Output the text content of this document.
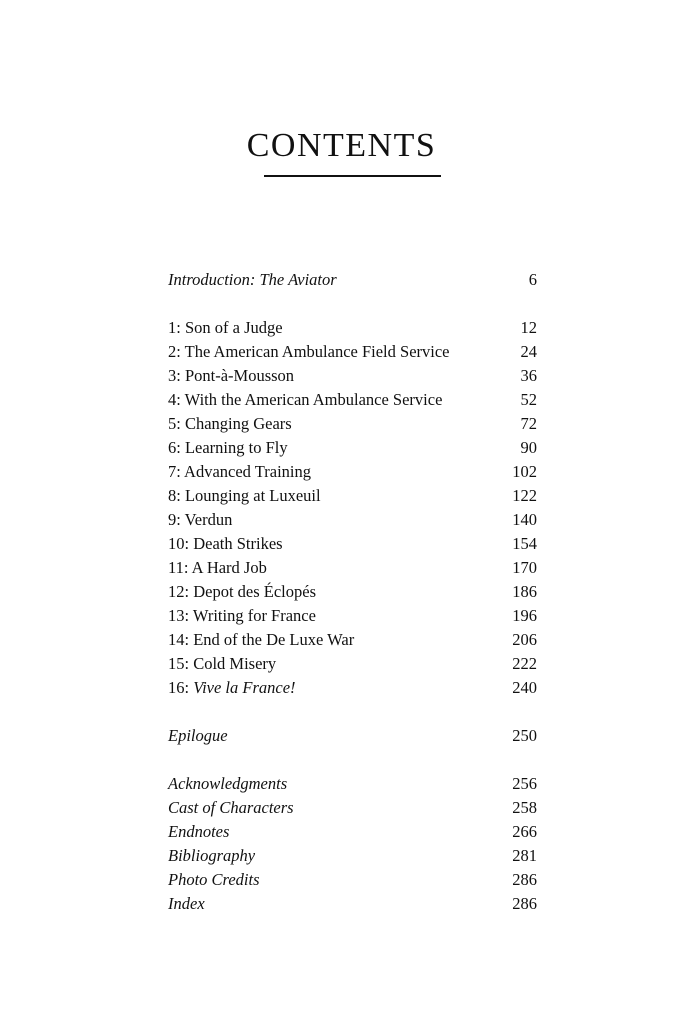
CONTENTS
Introduction: The Aviator	6
1: Son of a Judge	12
2: The American Ambulance Field Service	24
3: Pont-à-Mousson	36
4: With the American Ambulance Service	52
5: Changing Gears	72
6: Learning to Fly	90
7: Advanced Training	102
8: Lounging at Luxeuil	122
9: Verdun	140
10: Death Strikes	154
11: A Hard Job	170
12: Depot des Éclopés	186
13: Writing for France	196
14: End of the De Luxe War	206
15: Cold Misery	222
16: Vive la France!	240
Epilogue	250
Acknowledgments	256
Cast of Characters	258
Endnotes	266
Bibliography	281
Photo Credits	286
Index	286
